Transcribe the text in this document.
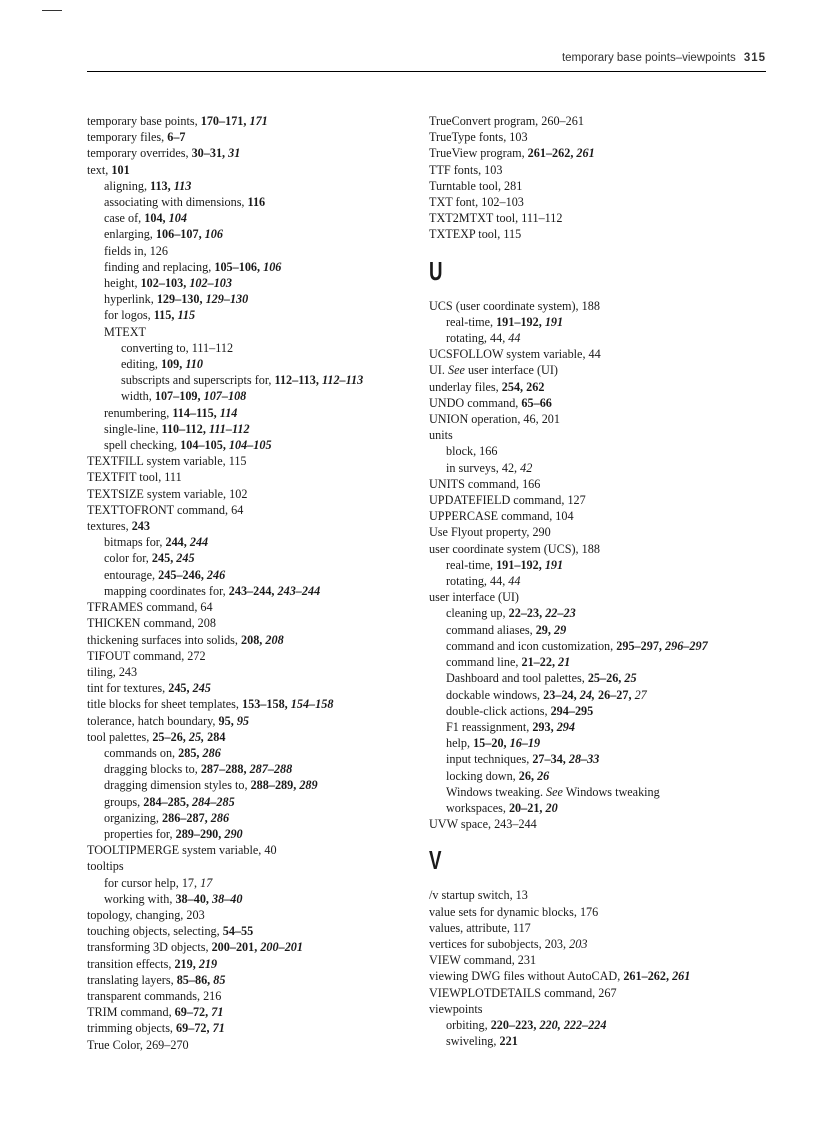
temporary base points–viewpoints 315
temporary base points, 170–171, 171
temporary files, 6–7
temporary overrides, 30–31, 31
text, 101
aligning, 113, 113
associating with dimensions, 116
case of, 104, 104
enlarging, 106–107, 106
fields in, 126
finding and replacing, 105–106, 106
height, 102–103, 102–103
hyperlink, 129–130, 129–130
for logos, 115, 115
MTEXT
converting to, 111–112
editing, 109, 110
subscripts and superscripts for, 112–113, 112–113
width, 107–109, 107–108
renumbering, 114–115, 114
single-line, 110–112, 111–112
spell checking, 104–105, 104–105
TEXTFILL system variable, 115
TEXTFIT tool, 111
TEXTSIZE system variable, 102
TEXTTOFRONT command, 64
textures, 243
bitmaps for, 244, 244
color for, 245, 245
entourage, 245–246, 246
mapping coordinates for, 243–244, 243–244
TFRAMES command, 64
THICKEN command, 208
thickening surfaces into solids, 208, 208
TIFOUT command, 272
tiling, 243
tint for textures, 245, 245
title blocks for sheet templates, 153–158, 154–158
tolerance, hatch boundary, 95, 95
tool palettes, 25–26, 25, 284
commands on, 285, 286
dragging blocks to, 287–288, 287–288
dragging dimension styles to, 288–289, 289
groups, 284–285, 284–285
organizing, 286–287, 286
properties for, 289–290, 290
TOOLTIPMERGE system variable, 40
tooltips
for cursor help, 17, 17
working with, 38–40, 38–40
topology, changing, 203
touching objects, selecting, 54–55
transforming 3D objects, 200–201, 200–201
transition effects, 219, 219
translating layers, 85–86, 85
transparent commands, 216
TRIM command, 69–72, 71
trimming objects, 69–72, 71
True Color, 269–270
TrueConvert program, 260–261
TrueType fonts, 103
TrueView program, 261–262, 261
TTF fonts, 103
Turntable tool, 281
TXT font, 102–103
TXT2MTXT tool, 111–112
TXTEXP tool, 115
U
UCS (user coordinate system), 188
real-time, 191–192, 191
rotating, 44, 44
UCSFOLLOW system variable, 44
UI. See user interface (UI)
underlay files, 254, 262
UNDO command, 65–66
UNION operation, 46, 201
units
block, 166
in surveys, 42, 42
UNITS command, 166
UPDATEFIELD command, 127
UPPERCASE command, 104
Use Flyout property, 290
user coordinate system (UCS), 188
real-time, 191–192, 191
rotating, 44, 44
user interface (UI)
cleaning up, 22–23, 22–23
command aliases, 29, 29
command and icon customization, 295–297, 296–297
command line, 21–22, 21
Dashboard and tool palettes, 25–26, 25
dockable windows, 23–24, 24, 26–27, 27
double-click actions, 294–295
F1 reassignment, 293, 294
help, 15–20, 16–19
input techniques, 27–34, 28–33
locking down, 26, 26
Windows tweaking. See Windows tweaking
workspaces, 20–21, 20
UVW space, 243–244
V
/v startup switch, 13
value sets for dynamic blocks, 176
values, attribute, 117
vertices for subobjects, 203, 203
VIEW command, 231
viewing DWG files without AutoCAD, 261–262, 261
VIEWPLOTDETAILS command, 267
viewpoints
orbiting, 220–223, 220, 222–224
swiveling, 221
